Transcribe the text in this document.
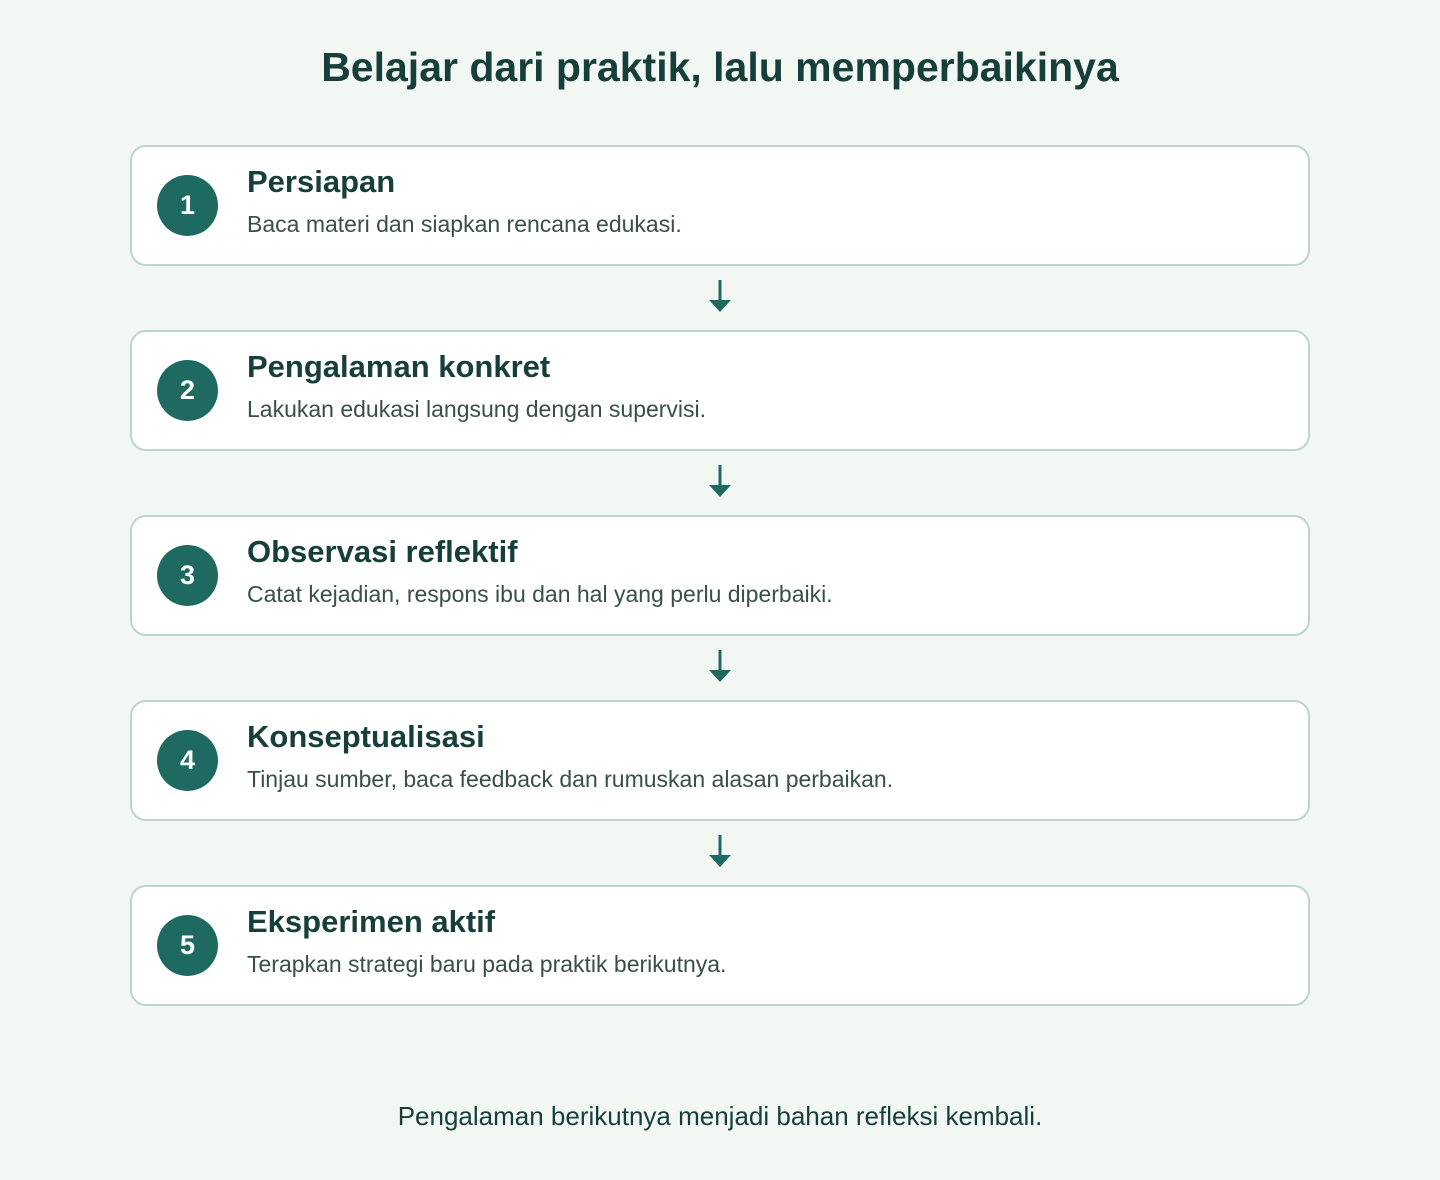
Belajar dari praktik, lalu memperbaikinya
1
Persiapan
Baca materi dan siapkan rencana edukasi.
2
Pengalaman konkret
Lakukan edukasi langsung dengan supervisi.
3
Observasi reflektif
Catat kejadian, respons ibu dan hal yang perlu diperbaiki.
4
Konseptualisasi
Tinjau sumber, baca feedback dan rumuskan alasan perbaikan.
5
Eksperimen aktif
Terapkan strategi baru pada praktik berikutnya.
Pengalaman berikutnya menjadi bahan refleksi kembali.
